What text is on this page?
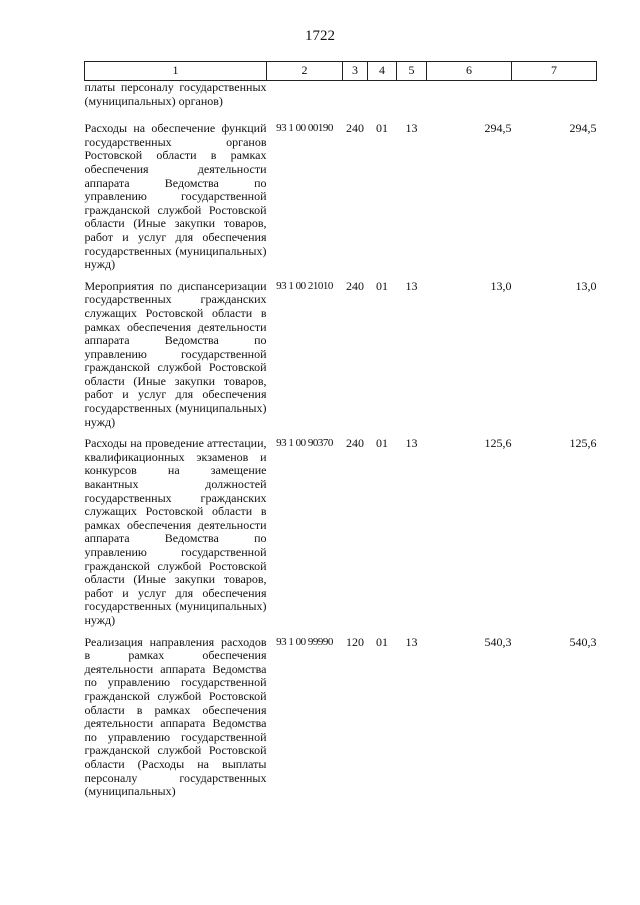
1722
1	2	3	4	5	6	7
платы персоналу государственных (муниципальных) органов)						
Расходы на обеспечение функций государственных органов Ростовской области в рамках обеспечения деятельности аппарата Ведомства по управлению государственной гражданской службой Ростовской области (Иные закупки товаров, работ и услуг для обеспечения государственных (муниципальных) нужд)	93 1 00 00190	240	01	13	294,5	294,5
Мероприятия по диспансеризации государственных гражданских служащих Ростовской области в рамках обеспечения деятельности аппарата Ведомства по управлению государственной гражданской службой Ростовской области (Иные закупки товаров, работ и услуг для обеспечения государственных (муниципальных) нужд)	93 1 00 21010	240	01	13	13,0	13,0
Расходы на проведение аттестации, квалификационных экзаменов и конкурсов на замещение вакантных должностей государственных гражданских служащих Ростовской области в рамках обеспечения деятельности аппарата Ведомства по управлению государственной гражданской службой Ростовской области (Иные закупки товаров, работ и услуг для обеспечения государственных (муниципальных) нужд)	93 1 00 90370	240	01	13	125,6	125,6
Реализация направления расходов в рамках обеспечения деятельности аппарата Ведомства по управлению государственной гражданской службой Ростовской области в рамках обеспечения деятельности аппарата Ведомства по управлению государственной гражданской службой Ростовской области (Расходы на выплаты персоналу государственных (муниципальных)	93 1 00 99990	120	01	13	540,3	540,3
